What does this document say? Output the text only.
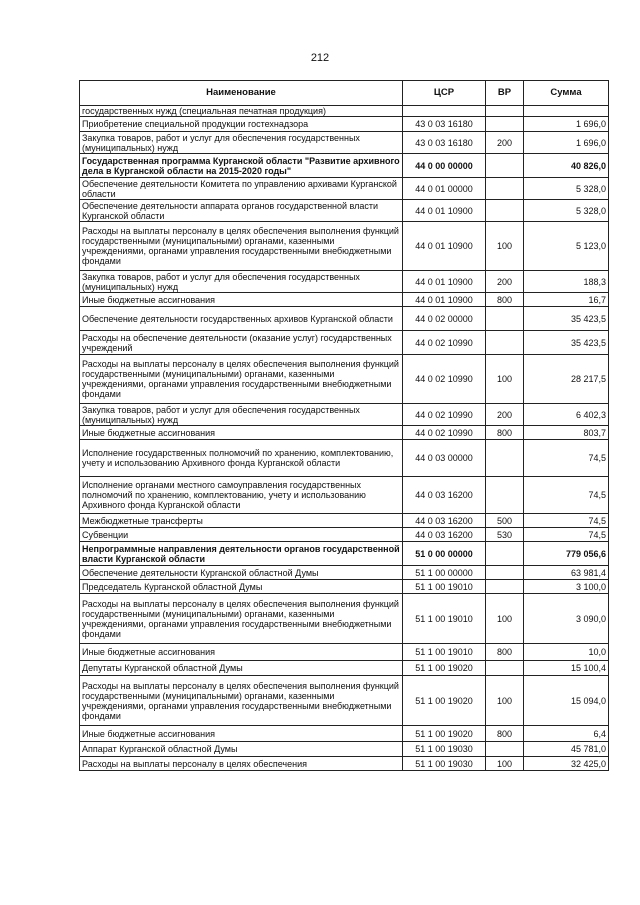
212
Наименование	ЦСР	ВР	Сумма
государственных нужд (специальная печатная продукция)			
Приобретение специальной продукции гостехнадзора	43 0 03 16180		1 696,0
Закупка товаров, работ и услуг для обеспечения государственных (муниципальных) нужд	43 0 03 16180	200	1 696,0
Государственная программа Курганской области "Развитие архивного дела в Курганской области на 2015-2020 годы"	44 0 00 00000		40 826,0
Обеспечение деятельности Комитета по управлению архивами Курганской области	44 0 01 00000		5 328,0
Обеспечение деятельности аппарата органов государственной власти Курганской области	44 0 01 10900		5 328,0
Расходы на выплаты персоналу в целях обеспечения выполнения функций государственными (муниципальными) органами, казенными учреждениями, органами управления государственными внебюджетными фондами	44 0 01 10900	100	5 123,0
Закупка товаров, работ и услуг для обеспечения государственных (муниципальных) нужд	44 0 01 10900	200	188,3
Иные бюджетные ассигнования	44 0 01 10900	800	16,7
Обеспечение деятельности государственных архивов Курганской области	44 0 02 00000		35 423,5
Расходы на обеспечение деятельности (оказание услуг) государственных учреждений	44 0 02 10990		35 423,5
Расходы на выплаты персоналу в целях обеспечения выполнения функций государственными (муниципальными) органами, казенными учреждениями, органами управления государственными внебюджетными фондами	44 0 02 10990	100	28 217,5
Закупка товаров, работ и услуг для обеспечения государственных (муниципальных) нужд	44 0 02 10990	200	6 402,3
Иные бюджетные ассигнования	44 0 02 10990	800	803,7
Исполнение государственных полномочий по хранению, комплектованию, учету и использованию Архивного фонда Курганской области	44 0 03 00000		74,5
Исполнение органами местного самоуправления государственных полномочий по хранению, комплектованию, учету и использованию Архивного фонда Курганской области	44 0 03 16200		74,5
Межбюджетные трансферты	44 0 03 16200	500	74,5
Субвенции	44 0 03 16200	530	74,5
Непрограммные направления деятельности органов государственной власти Курганской области	51 0 00 00000		779 056,6
Обеспечение деятельности Курганской областной Думы	51 1 00 00000		63 981,4
Председатель Курганской областной Думы	51 1 00 19010		3 100,0
Расходы на выплаты персоналу в целях обеспечения выполнения функций государственными (муниципальными) органами, казенными учреждениями, органами управления государственными внебюджетными фондами	51 1 00 19010	100	3 090,0
Иные бюджетные ассигнования	51 1 00 19010	800	10,0
Депутаты Курганской областной Думы	51 1 00 19020		15 100,4
Расходы на выплаты персоналу в целях обеспечения выполнения функций государственными (муниципальными) органами, казенными учреждениями, органами управления государственными внебюджетными фондами	51 1 00 19020	100	15 094,0
Иные бюджетные ассигнования	51 1 00 19020	800	6,4
Аппарат Курганской областной Думы	51 1 00 19030		45 781,0
Расходы на выплаты персоналу в целях обеспечения	51 1 00 19030	100	32 425,0
